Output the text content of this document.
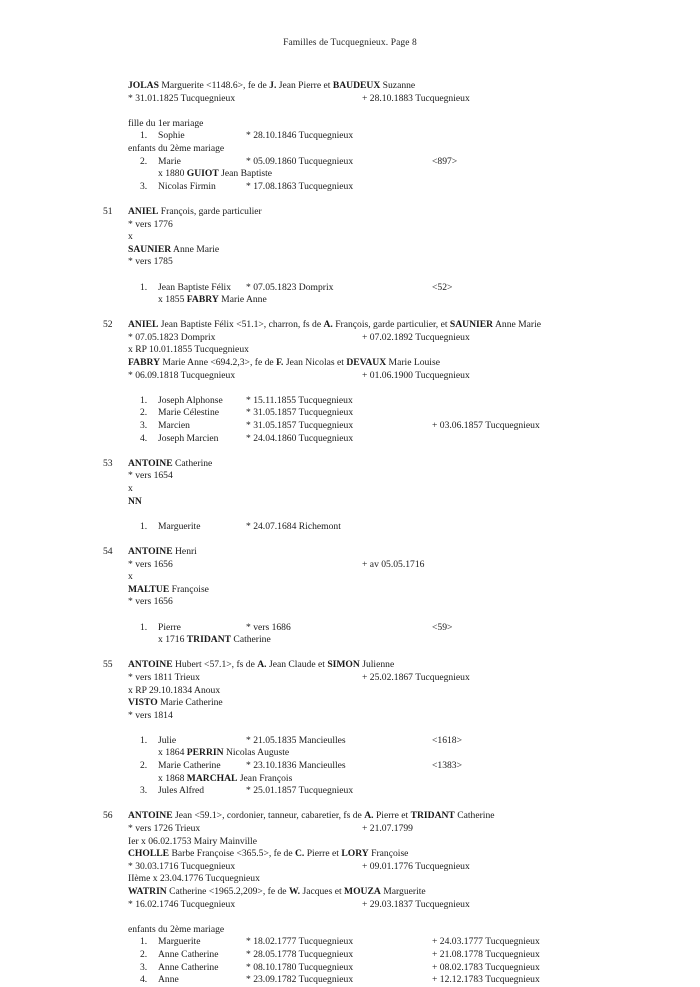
Familles de Tucquegnieux. Page 8
JOLAS Marguerite <1148.6>, fe de J. Jean Pierre et BAUDEUX Suzanne
* 31.01.1825 Tucquegnieux	+ 28.10.1883 Tucquegnieux
fille du 1er mariage
1.	Sophie	* 28.10.1846 Tucquegnieux
enfants du 2ème mariage
2.	Marie	* 05.09.1860 Tucquegnieux	<897>
x 1880 GUIOT Jean Baptiste
3.	Nicolas Firmin	* 17.08.1863 Tucquegnieux
51	ANIEL François, garde particulier
* vers 1776
x
SAUNIER Anne Marie
* vers 1785
1.	Jean Baptiste Félix * 07.05.1823 Domprix	<52>
x 1855 FABRY Marie Anne
52	ANIEL Jean Baptiste Félix <51.1>, charron, fs de A. François, garde particulier, et SAUNIER Anne Marie
* 07.05.1823 Domprix	+ 07.02.1892 Tucquegnieux
x RP 10.01.1855 Tucquegnieux
FABRY Marie Anne <694.2,3>, fe de F. Jean Nicolas et DEVAUX Marie Louise
* 06.09.1818 Tucquegnieux	+ 01.06.1900 Tucquegnieux
1.	Joseph Alphonse * 15.11.1855 Tucquegnieux
2.	Marie Célestine	* 31.05.1857 Tucquegnieux
3.	Marcien	* 31.05.1857 Tucquegnieux	+ 03.06.1857 Tucquegnieux
4.	Joseph Marcien	* 24.04.1860 Tucquegnieux
53	ANTOINE Catherine
* vers 1654
x
NN
1.	Marguerite	* 24.07.1684 Richemont
54	ANTOINE Henri
* vers 1656	+ av 05.05.1716
x
MALTUE Françoise
* vers 1656
1.	Pierre	* vers 1686	<59>
x 1716 TRIDANT Catherine
55	ANTOINE Hubert <57.1>, fs de A. Jean Claude et SIMON Julienne
* vers 1811 Trieux	+ 25.02.1867 Tucquegnieux
x RP 29.10.1834 Anoux
VISTO Marie Catherine
* vers 1814
1.	Julie	* 21.05.1835 Mancieulles	<1618>
x 1864 PERRIN Nicolas Auguste
2.	Marie Catherine	* 23.10.1836 Mancieulles	<1383>
x 1868 MARCHAL Jean François
3.	Jules Alfred	* 25.01.1857 Tucquegnieux
56	ANTOINE Jean <59.1>, cordonier, tanneur, cabaretier, fs de A. Pierre et TRIDANT Catherine
* vers 1726 Trieux	+ 21.07.1799
Ier x 06.02.1753 Mairy Mainville
CHOLLE Barbe Françoise <365.5>, fe de C. Pierre et LORY Françoise
* 30.03.1716 Tucquegnieux	+ 09.01.1776 Tucquegnieux
IIème x 23.04.1776 Tucquegnieux
WATRIN Catherine <1965.2,209>, fe de W. Jacques et MOUZA Marguerite
* 16.02.1746 Tucquegnieux	+ 29.03.1837 Tucquegnieux
enfants du 2ème mariage
1.	Marguerite	* 18.02.1777 Tucquegnieux	+ 24.03.1777 Tucquegnieux
2.	Anne Catherine	* 28.05.1778 Tucquegnieux	+ 21.08.1778 Tucquegnieux
3.	Anne Catherine	* 08.10.1780 Tucquegnieux	+ 08.02.1783 Tucquegnieux
4.	Anne	* 23.09.1782 Tucquegnieux	+ 12.12.1783 Tucquegnieux
